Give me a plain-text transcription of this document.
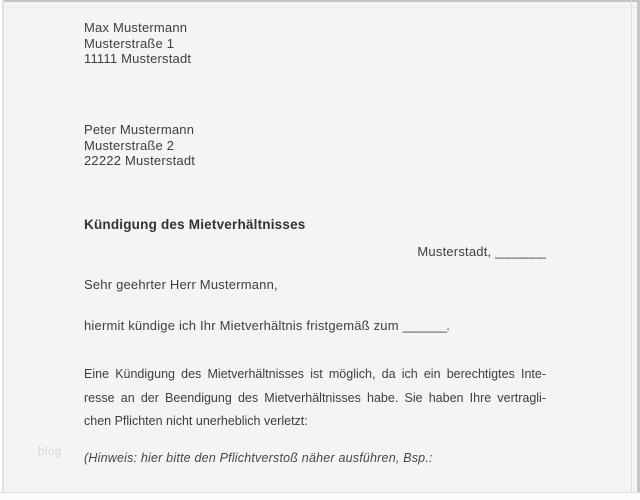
blog
Max Mustermann
Musterstraße 1
11111 Musterstadt
Peter Mustermann
Musterstraße 2
22222 Musterstadt
Kündigung des Mietverhältnisses
Musterstadt, ________
Sehr geehrter Herr Mustermann,
hiermit kündige ich Ihr Mietverhältnis fristgemäß zum _______.
Eine Kündigung des Mietverhältnisses ist möglich, da ich ein berechtigtes Inte-
resse an der Beendigung des Mietverhältnisses habe. Sie haben Ihre vertragli-
chen Pflichten nicht unerheblich verletzt:
(Hinweis: hier bitte den Pflichtverstoß näher ausführen, Bsp.:
